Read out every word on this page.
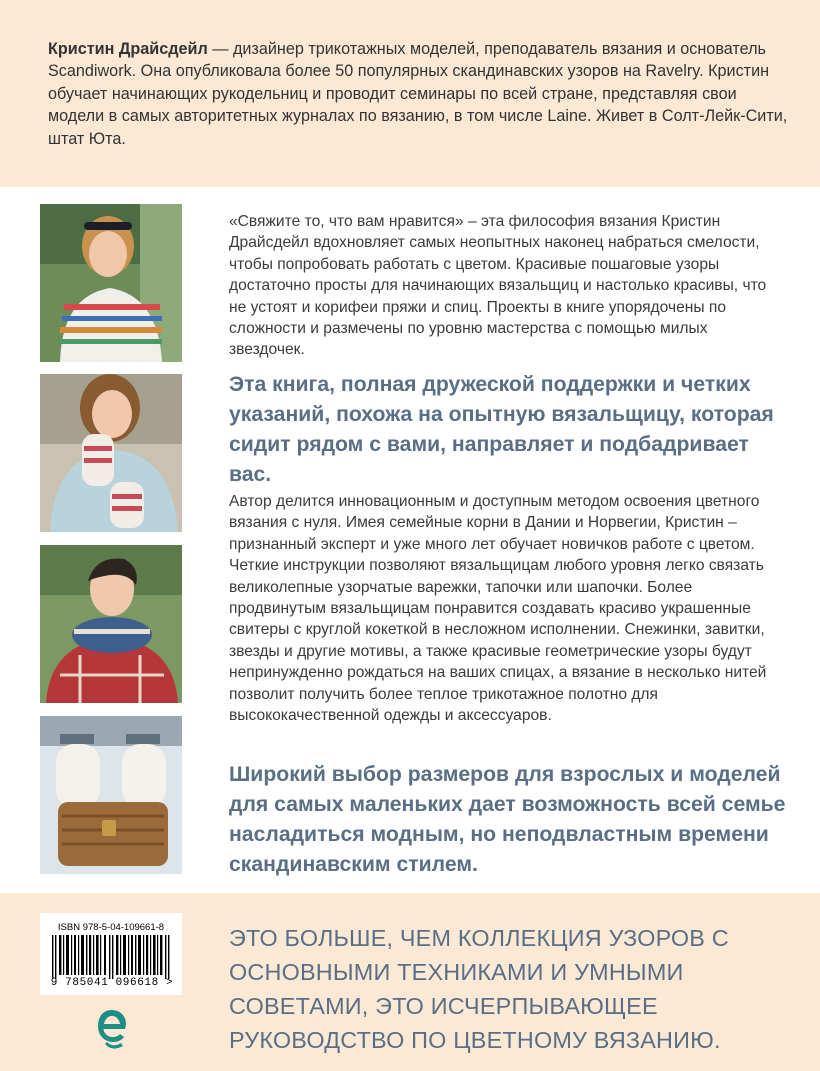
Кристин Драйсдейл — дизайнер трикотажных моделей, преподаватель вязания и основатель Scandiwork. Она опубликовала более 50 популярных скандинавских узоров на Ravelry. Кристин обучает начинающих рукодельниц и проводит семинары по всей стране, представляя свои модели в самых авторитетных журналах по вязанию, в том числе Laine. Живет в Солт-Лейк-Сити, штат Юта.

«Свяжите то, что вам нравится» – эта философия вязания Кристин Драйсдейл вдохновляет самых неопытных наконец набраться смелости, чтобы попробовать работать с цветом. Красивые пошаговые узоры достаточно просты для начинающих вязальщиц и настолько красивы, что не устоят и корифеи пряжи и спиц. Проекты в книге упорядочены по сложности и размечены по уровню мастерства с помощью милых звездочек.

Эта книга, полная дружеской поддержки и четких указаний, похожа на опытную вязальщицу, которая сидит рядом с вами, направляет и подбадривает вас.

Автор делится инновационным и доступным методом освоения цветного вязания с нуля. Имея семейные корни в Дании и Норвегии, Кристин – признанный эксперт и уже много лет обучает новичков работе с цветом. Четкие инструкции позволяют вязальщицам любого уровня легко связать великолепные узорчатые варежки, тапочки или шапочки. Более продвинутым вязальщицам понравится создавать красиво украшенные свитеры с круглой кокеткой в несложном исполнении. Снежинки, завитки, звезды и другие мотивы, а также красивые геометрические узоры будут непринужденно рождаться на ваших спицах, а вязание в несколько нитей позволит получить более теплое трикотажное полотно для высококачественной одежды и аксессуаров.

Широкий выбор размеров для взрослых и моделей для самых маленьких дает возможность всей семье насладиться модным, но неподвластным времени скандинавским стилем.

ISBN 978-5-04-109661-8
9 785041 096618 >

ЭТО БОЛЬШЕ, ЧЕМ КОЛЛЕКЦИЯ УЗОРОВ С ОСНОВНЫМИ ТЕХНИКАМИ И УМНЫМИ СОВЕТАМИ, ЭТО ИСЧЕРПЫВАЮЩЕЕ РУКОВОДСТВО ПО ЦВЕТНОМУ ВЯЗАНИЮ.
